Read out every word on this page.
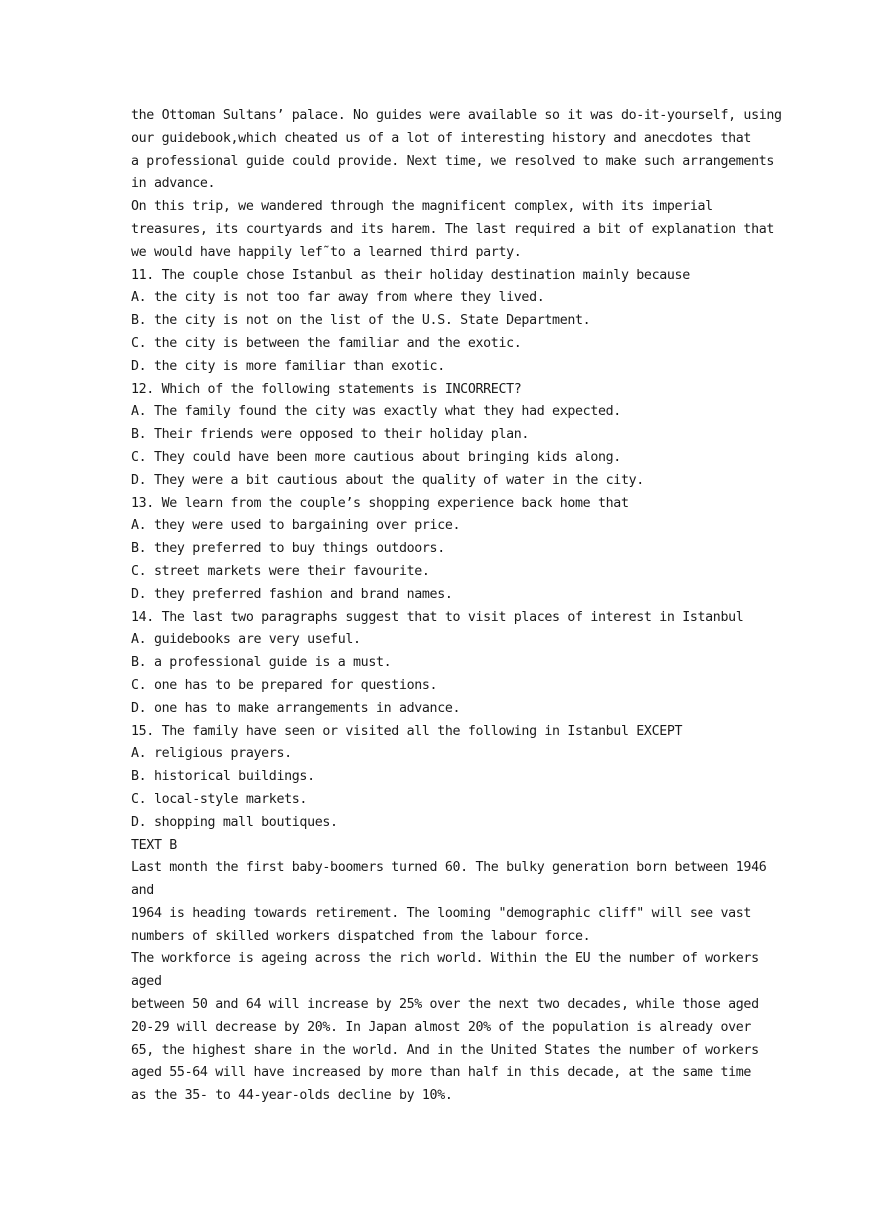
the Ottoman Sultans’ palace. No guides were available so it was do-it-yourself, using
our guidebook,which cheated us of a lot of interesting history and anecdotes that
a professional guide could provide. Next time, we resolved to make such arrangements
in advance.
On this trip, we wandered through the magnificent complex, with its imperial
treasures, its courtyards and its harem. The last required a bit of explanation that
we would have happily lef˜to a learned third party.
11. The couple chose Istanbul as their holiday destination mainly because
A. the city is not too far away from where they lived.
B. the city is not on the list of the U.S. State Department.
C. the city is between the familiar and the exotic.
D. the city is more familiar than exotic.
12. Which of the following statements is INCORRECT?
A. The family found the city was exactly what they had expected.
B. Their friends were opposed to their holiday plan.
C. They could have been more cautious about bringing kids along.
D. They were a bit cautious about the quality of water in the city.
13. We learn from the couple’s shopping experience back home that
A. they were used to bargaining over price.
B. they preferred to buy things outdoors.
C. street markets were their favourite.
D. they preferred fashion and brand names.
14. The last two paragraphs suggest that to visit places of interest in Istanbul
A. guidebooks are very useful.
B. a professional guide is a must.
C. one has to be prepared for questions.
D. one has to make arrangements in advance.
15. The family have seen or visited all the following in Istanbul EXCEPT
A. religious prayers.
B. historical buildings.
C. local-style markets.
D. shopping mall boutiques.
TEXT B
Last month the first baby-boomers turned 60. The bulky generation born between 1946
and
1964 is heading towards retirement. The looming "demographic cliff" will see vast
numbers of skilled workers dispatched from the labour force.
The workforce is ageing across the rich world. Within the EU the number of workers
aged
between 50 and 64 will increase by 25% over the next two decades, while those aged
20-29 will decrease by 20%. In Japan almost 20% of the population is already over
65, the highest share in the world. And in the United States the number of workers
aged 55-64 will have increased by more than half in this decade, at the same time
as the 35- to 44-year-olds decline by 10%.
